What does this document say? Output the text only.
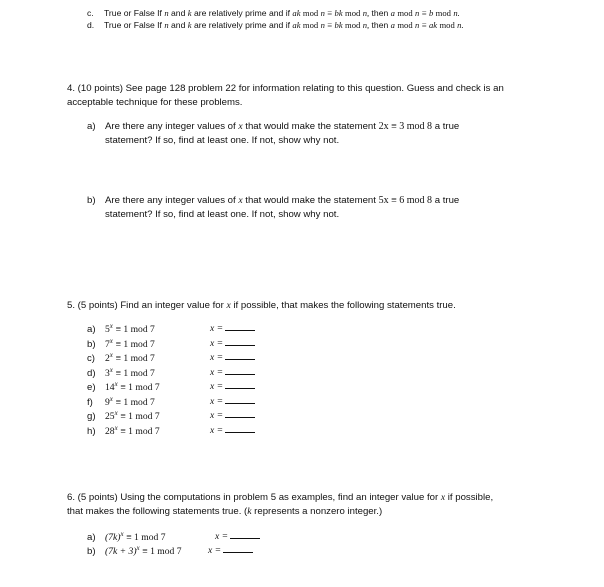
c. True or False If n and k are relatively prime and if ak mod n ≡ bk mod n, then a mod n ≡ b mod n.
d. True or False If n and k are relatively prime and if ak mod n ≡ bk mod n, then a mod n ≡ ak mod n.
4. (10 points) See page 128 problem 22 for information relating to this question. Guess and check is an
acceptable technique for these problems.
a) Are there any integer values of x that would make the statement 2x ≡ 3 mod 8 a true
statement? If so, find at least one. If not, show why not.
b) Are there any integer values of x that would make the statement 5x ≡ 6 mod 8 a true
statement? If so, find at least one. If not, show why not.
5. (5 points) Find an integer value for x if possible, that makes the following statements true.
a) $5^x \equiv 1$ mod 7	x =
b) $7^x \equiv 1$ mod 7	x =
c) $2^x \equiv 1$ mod 7	x =
d) $3^x \equiv 1$ mod 7	x =
e) $14^x \equiv 1$ mod 7	x =
f) $9^x \equiv 1$ mod 7	x =
g) $25^x \equiv 1$ mod 7	x =
h) $28^x \equiv 1$ mod 7	x =
6. (5 points) Using the computations in problem 5 as examples, find an integer value for x if possible,
that makes the following statements true. (k represents a nonzero integer.)
a) $(7k)^x \equiv 1$ mod 7	x =
b) $(7k + 3)^x \equiv 1$ mod 7	x =
